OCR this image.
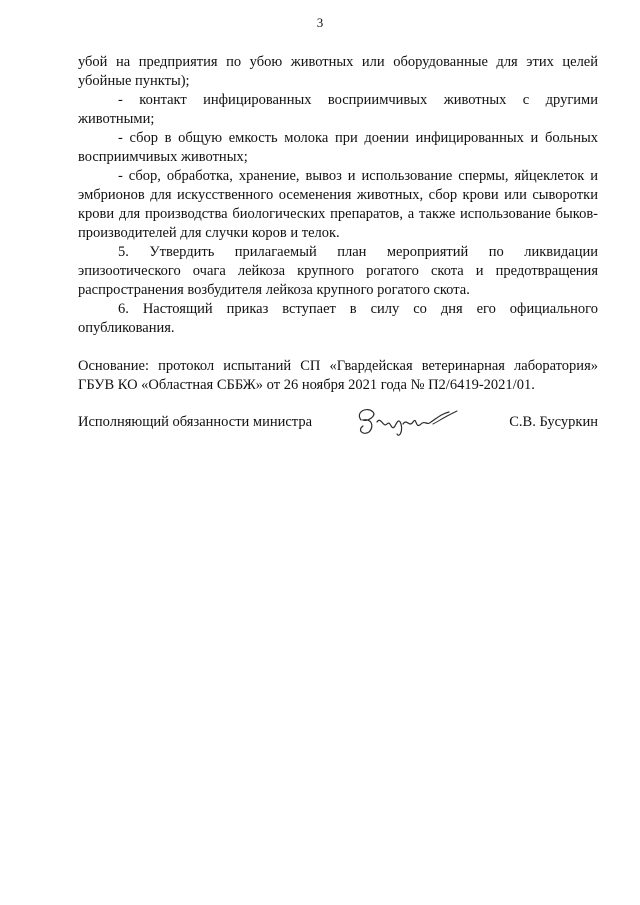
3

убой на предприятия по убою животных или оборудованные для этих целей убойные пункты);

- контакт инфицированных восприимчивых животных с другими животными;

- сбор в общую емкость молока при доении инфицированных и больных восприимчивых животных;

- сбор, обработка, хранение, вывоз и использование спермы, яйцеклеток и эмбрионов для искусственного осеменения животных, сбор крови или сыворотки крови для производства биологических препаратов, а также использование быков-производителей для случки коров и телок.

5. Утвердить прилагаемый план мероприятий по ликвидации эпизоотического очага лейкоза крупного рогатого скота и предотвращения распространения возбудителя лейкоза крупного рогатого скота.

6. Настоящий приказ вступает в силу со дня его официального опубликования.

Основание: протокол испытаний СП «Гвардейская ветеринарная лаборатория» ГБУВ КО «Областная СББЖ» от 26 ноября 2021 года № П2/6419-2021/01.

Исполняющий обязанности министра	С.В. Бусуркин
